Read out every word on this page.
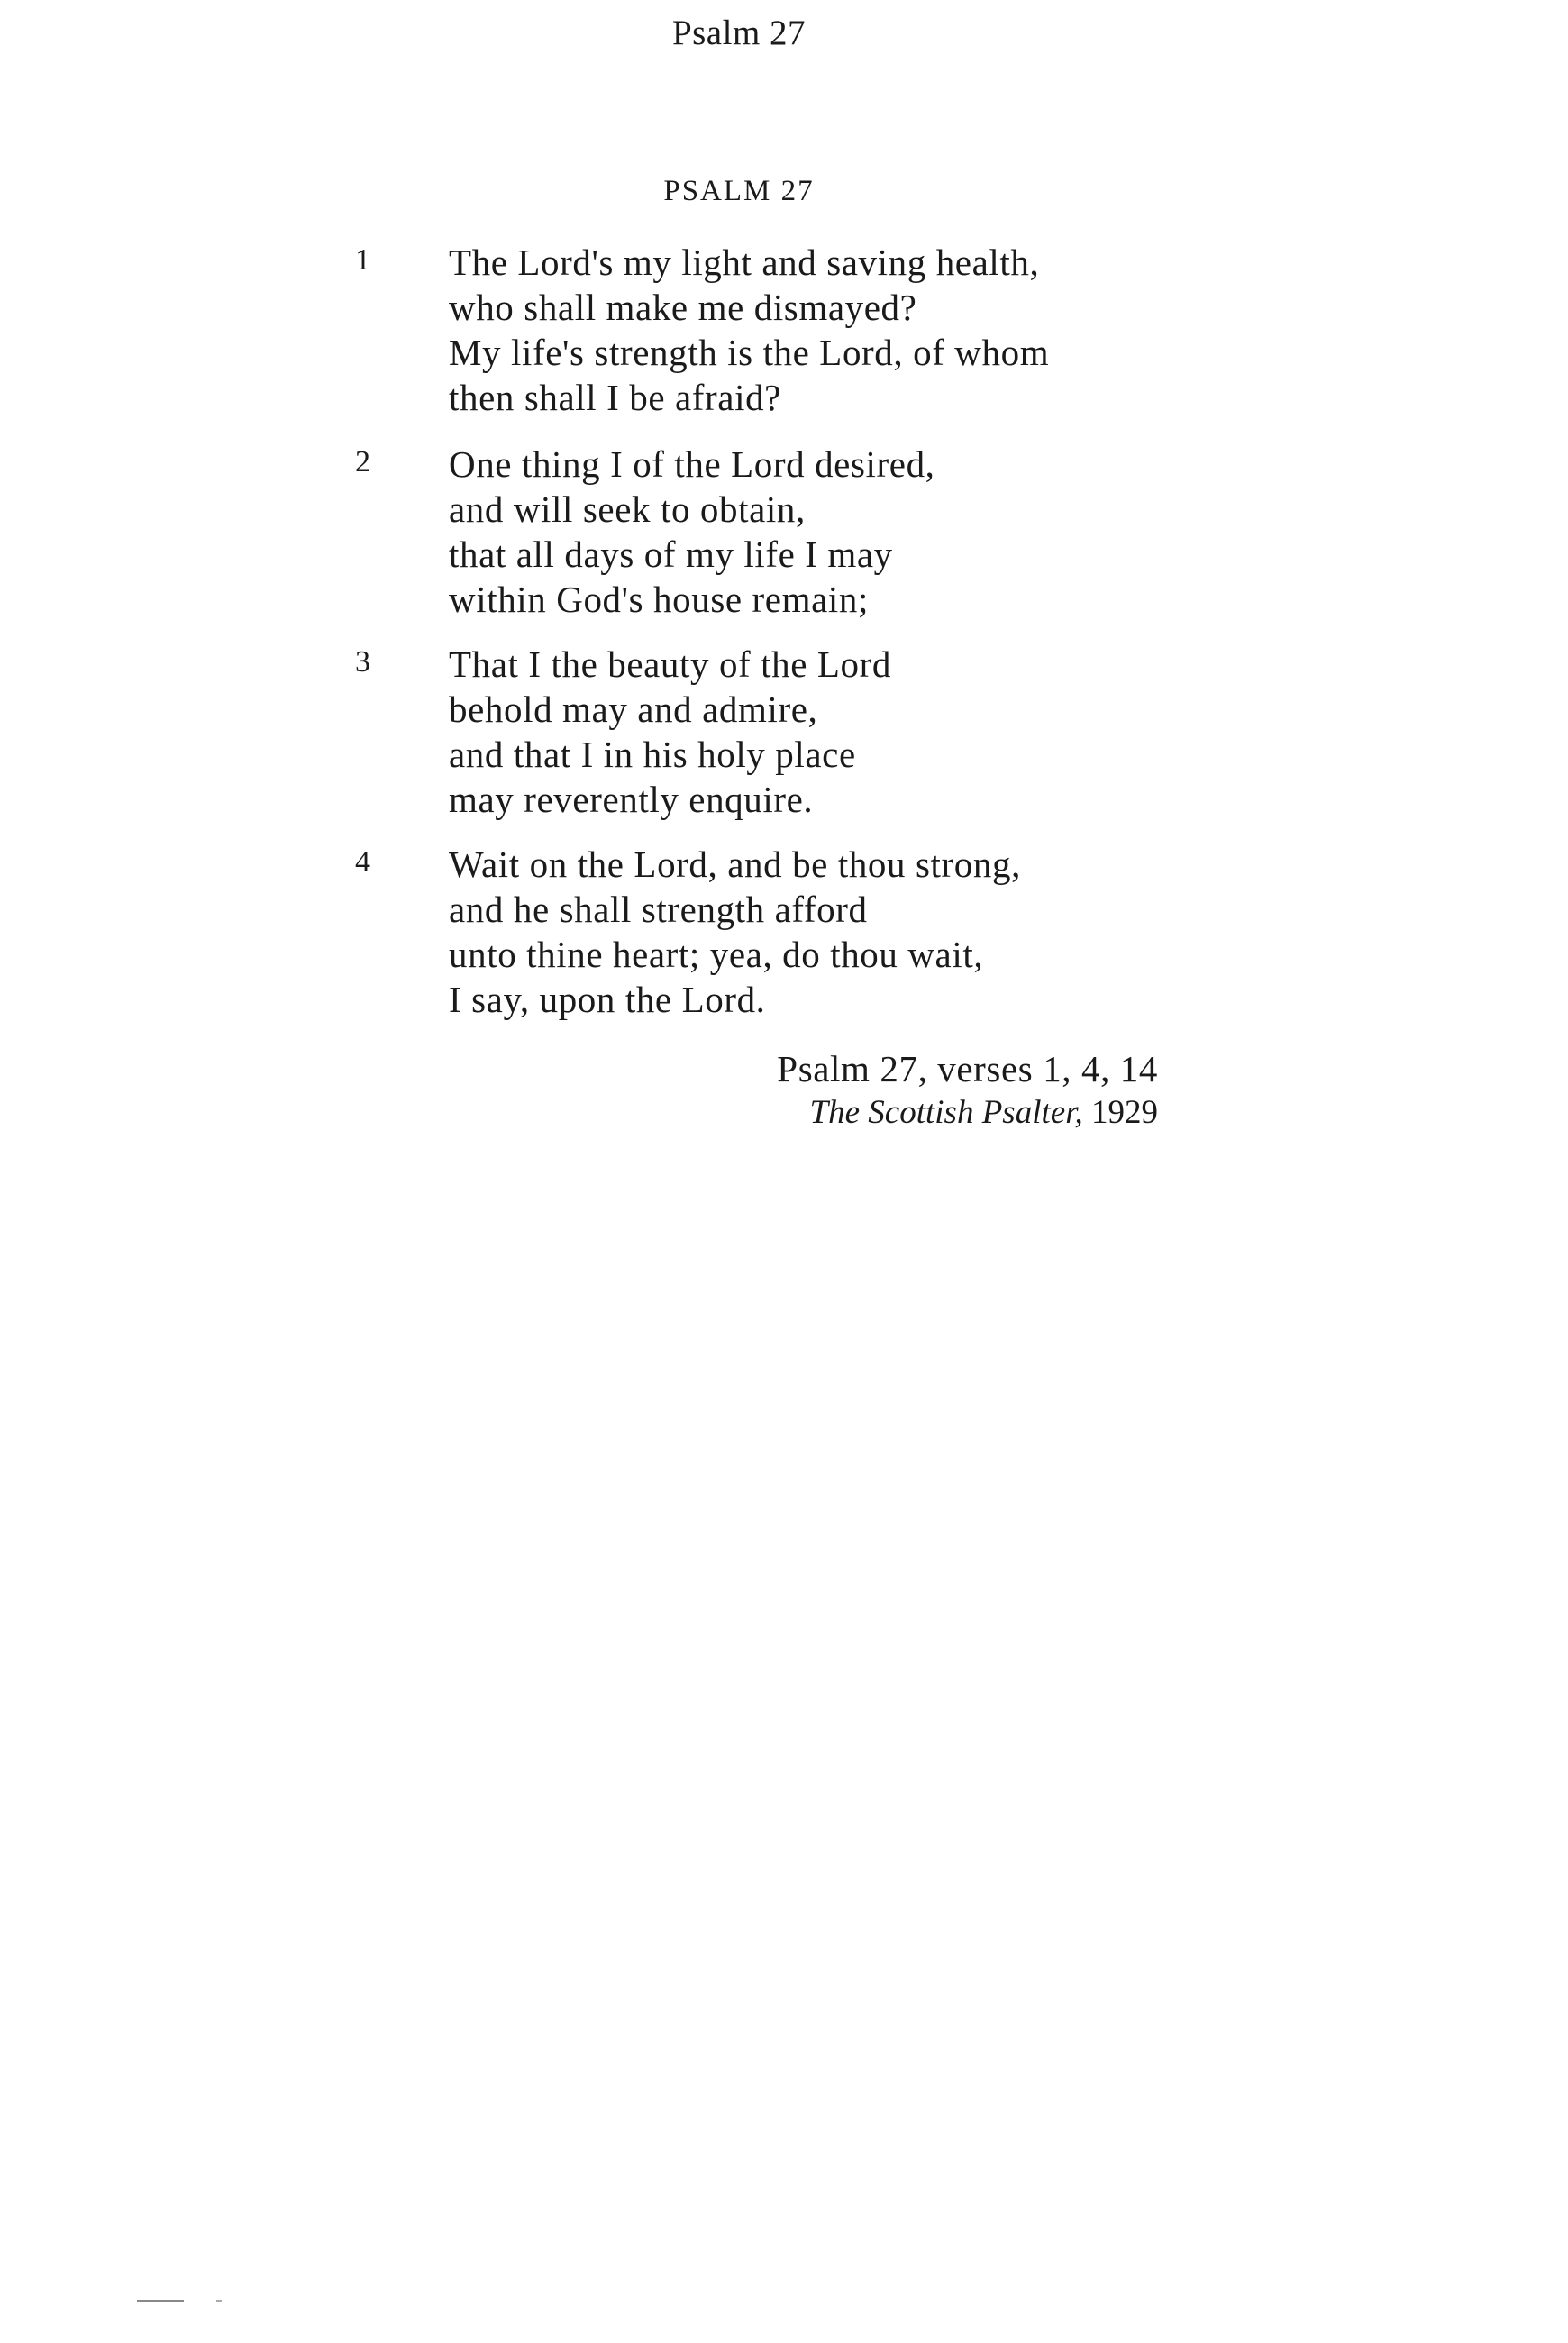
Psalm 27
PSALM 27
1	The Lord's my light and saving health,
who shall make me dismayed?
My life's strength is the Lord, of whom
then shall I be afraid?
2	One thing I of the Lord desired,
and will seek to obtain,
that all days of my life I may
within God's house remain;
3	That I the beauty of the Lord
behold may and admire,
and that I in his holy place
may reverently enquire.
4	Wait on the Lord, and be thou strong,
and he shall strength afford
unto thine heart; yea, do thou wait,
I say, upon the Lord.
Psalm 27, verses 1, 4, 14
The Scottish Psalter, 1929
